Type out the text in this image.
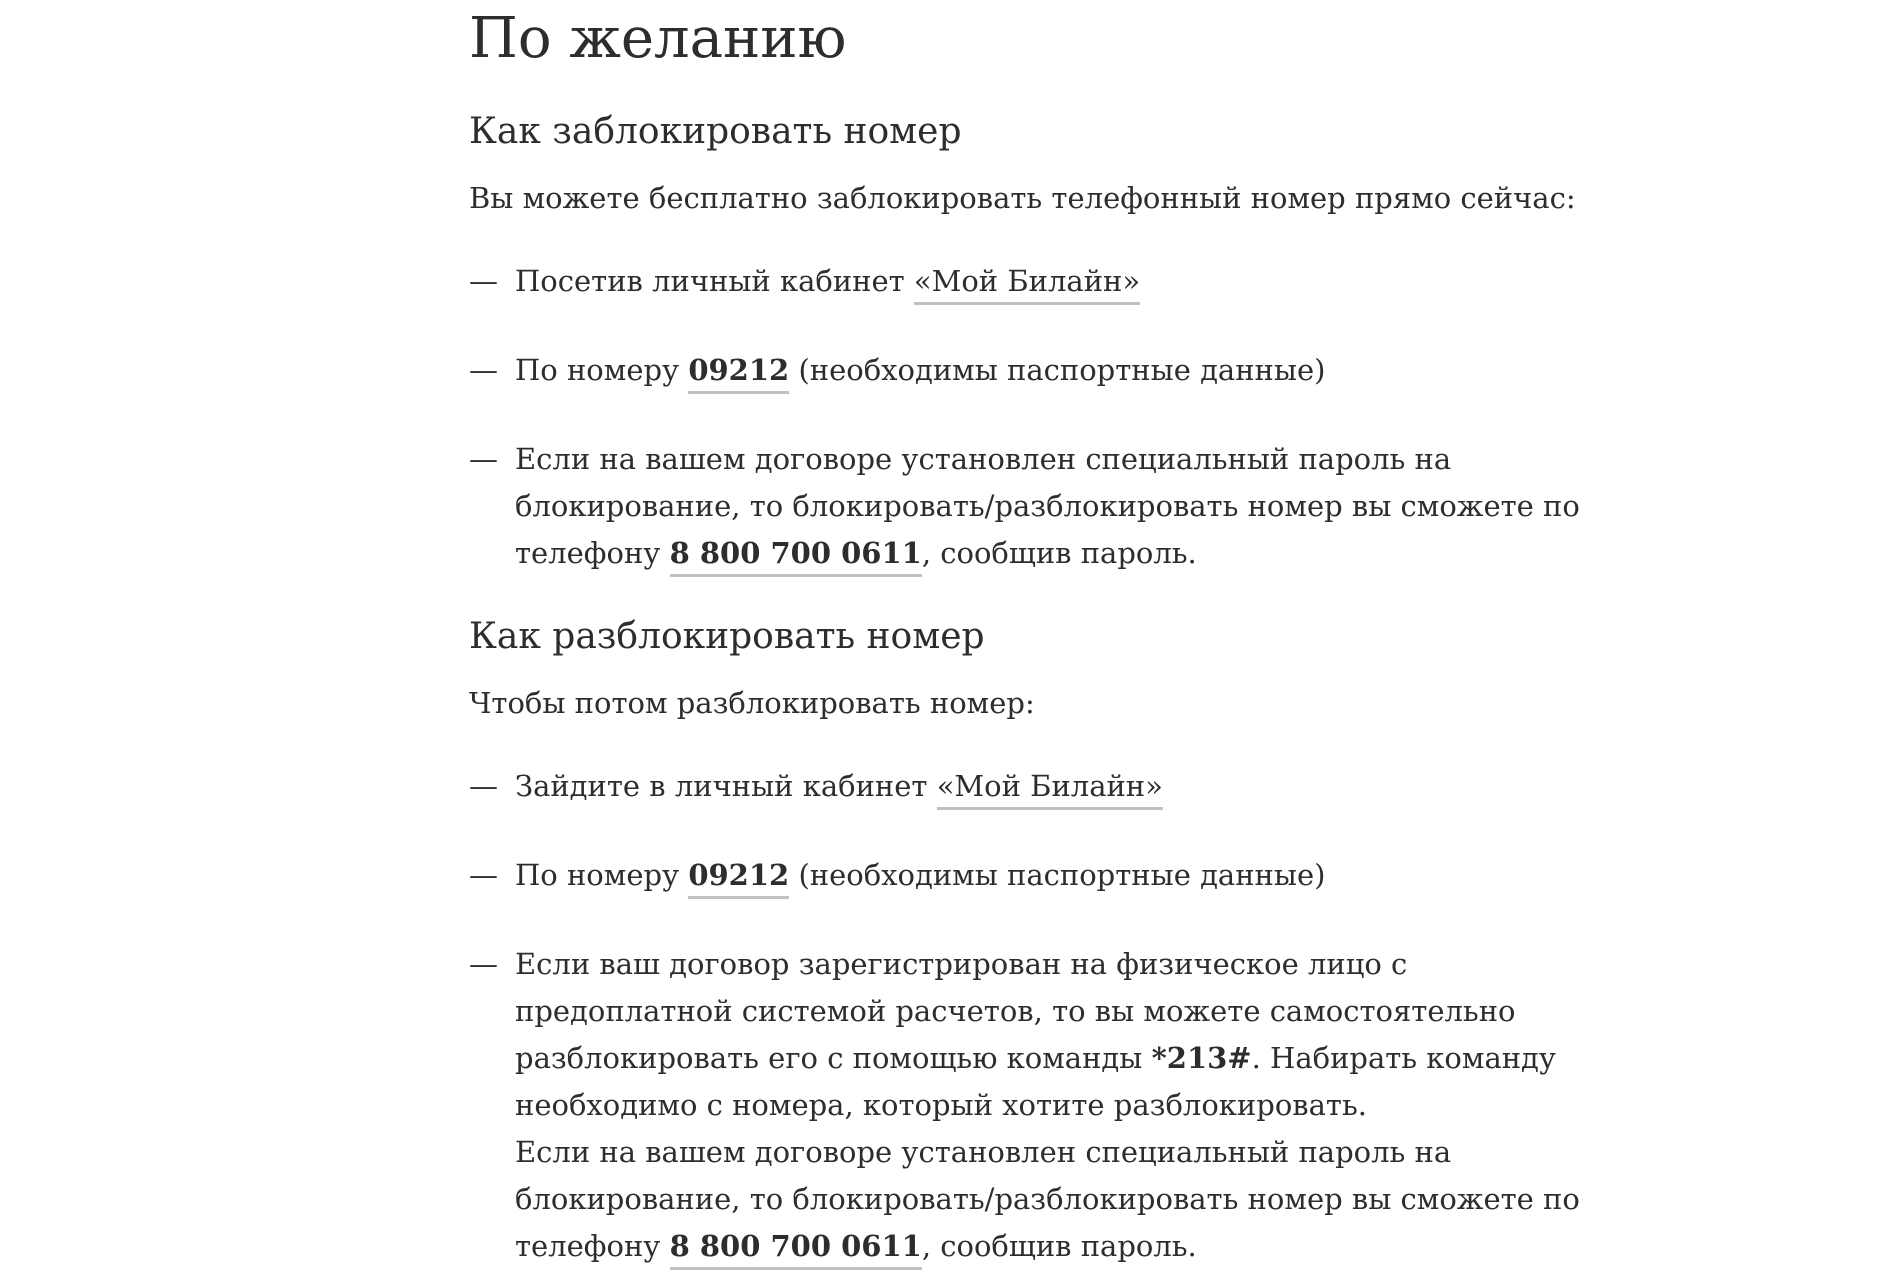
По желанию
Как заблокировать номер

Вы можете бесплатно заблокировать телефонный номер прямо сейчас:

— Посетив личный кабинет «Мой Билайн»
— По номеру 09212 (необходимы паспортные данные)
— Если на вашем договоре установлен специальный пароль на блокирование, то блокировать/разблокировать номер вы сможете по телефону 8 800 700 0611, сообщив пароль.
Как разблокировать номер

Чтобы потом разблокировать номер:

— Зайдите в личный кабинет «Мой Билайн»
— По номеру 09212 (необходимы паспортные данные)
— Если ваш договор зарегистрирован на физическое лицо с предоплатной системой расчетов, то вы можете самостоятельно разблокировать его с помощью команды *213#. Набирать команду необходимо с номера, который хотите разблокировать.
Если на вашем договоре установлен специальный пароль на блокирование, то блокировать/разблокировать номер вы сможете по телефону 8 800 700 0611, сообщив пароль.
